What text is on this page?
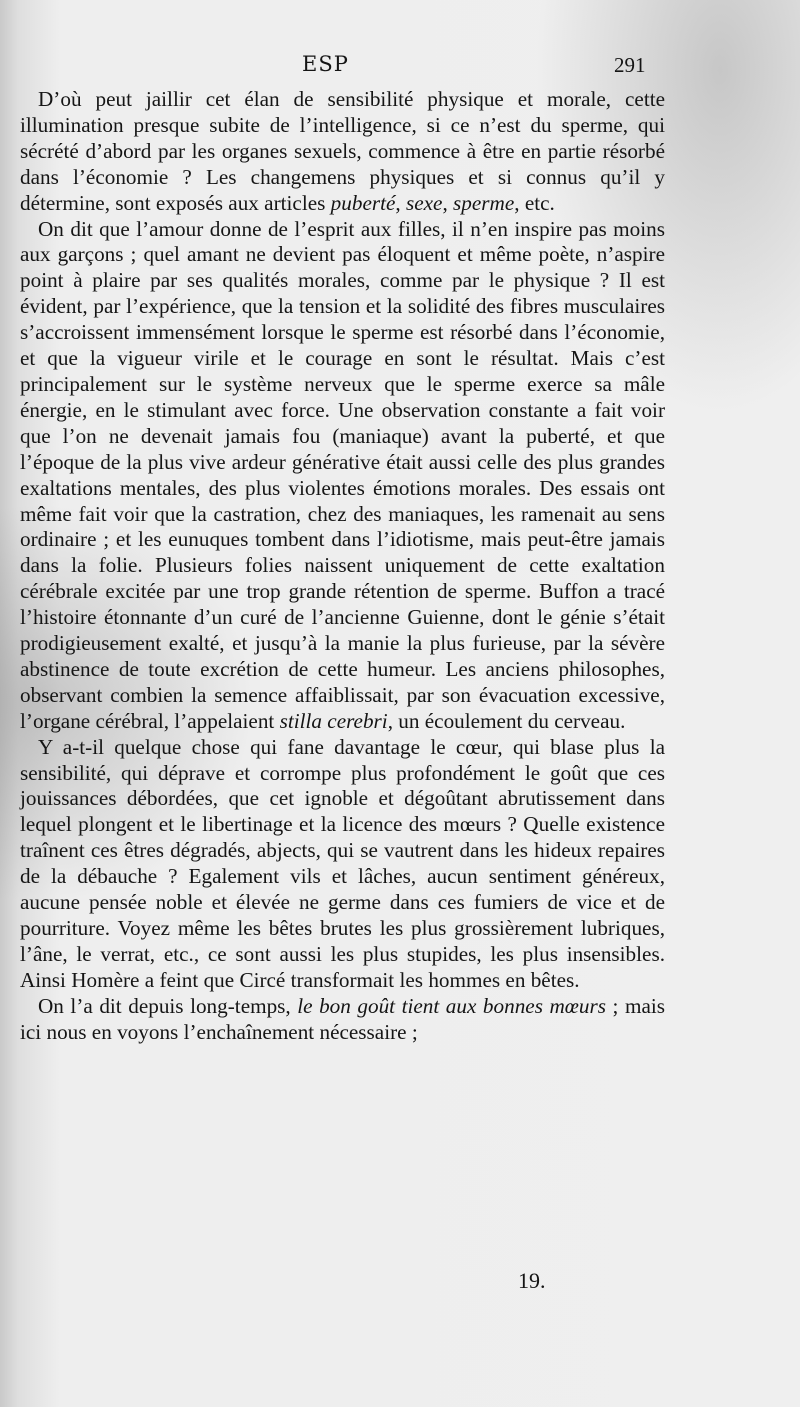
ESP	291

D’où peut jaillir cet élan de sensibilité physique et morale, cette illumination presque subite de l’intelligence, si ce n’est du sperme, qui sécrété d’abord par les organes sexuels, commence à être en partie résorbé dans l’économie ? Les changemens physiques et si connus qu’il y détermine, sont exposés aux articles puberté, sexe, sperme, etc.

On dit que l’amour donne de l’esprit aux filles, il n’en inspire pas moins aux garçons ; quel amant ne devient pas éloquent et même poète, n’aspire point à plaire par ses qualités morales, comme par le physique ? Il est évident, par l’expérience, que la tension et la solidité des fibres musculaires s’accroissent immensément lorsque le sperme est résorbé dans l’économie, et que la vigueur virile et le courage en sont le résultat. Mais c’est principalement sur le système nerveux que le sperme exerce sa mâle énergie, en le stimulant avec force. Une observation constante a fait voir que l’on ne devenait jamais fou (maniaque) avant la puberté, et que l’époque de la plus vive ardeur générative était aussi celle des plus grandes exaltations mentales, des plus violentes émotions morales. Des essais ont même fait voir que la castration, chez des maniaques, les ramenait au sens ordinaire ; et les eunuques tombent dans l’idiotisme, mais peut-être jamais dans la folie. Plusieurs folies naissent uniquement de cette exaltation cérébrale excitée par une trop grande rétention de sperme. Buffon a tracé l’histoire étonnante d’un curé de l’ancienne Guienne, dont le génie s’était prodigieusement exalté, et jusqu’à la manie la plus furieuse, par la sévère abstinence de toute excrétion de cette humeur. Les anciens philosophes, observant combien la semence affaiblissait, par son évacuation excessive, l’organe cérébral, l’appelaient stilla cerebri, un écoulement du cerveau.

Y a-t-il quelque chose qui fane davantage le cœur, qui blase plus la sensibilité, qui déprave et corrompe plus profondément le goût que ces jouissances débordées, que cet ignoble et dégoûtant abrutissement dans lequel plongent et le libertinage et la licence des mœurs ? Quelle existence traînent ces êtres dégradés, abjects, qui se vautrent dans les hideux repaires de la débauche ? Egalement vils et lâches, aucun sentiment généreux, aucune pensée noble et élevée ne germe dans ces fumiers de vice et de pourriture. Voyez même les bêtes brutes les plus grossièrement lubriques, l’âne, le verrat, etc., ce sont aussi les plus stupides, les plus insensibles. Ainsi Homère a feint que Circé transformait les hommes en bêtes.

On l’a dit depuis long-temps, le bon goût tient aux bonnes mœurs ; mais ici nous en voyons l’enchaînement nécessaire ;

19.
